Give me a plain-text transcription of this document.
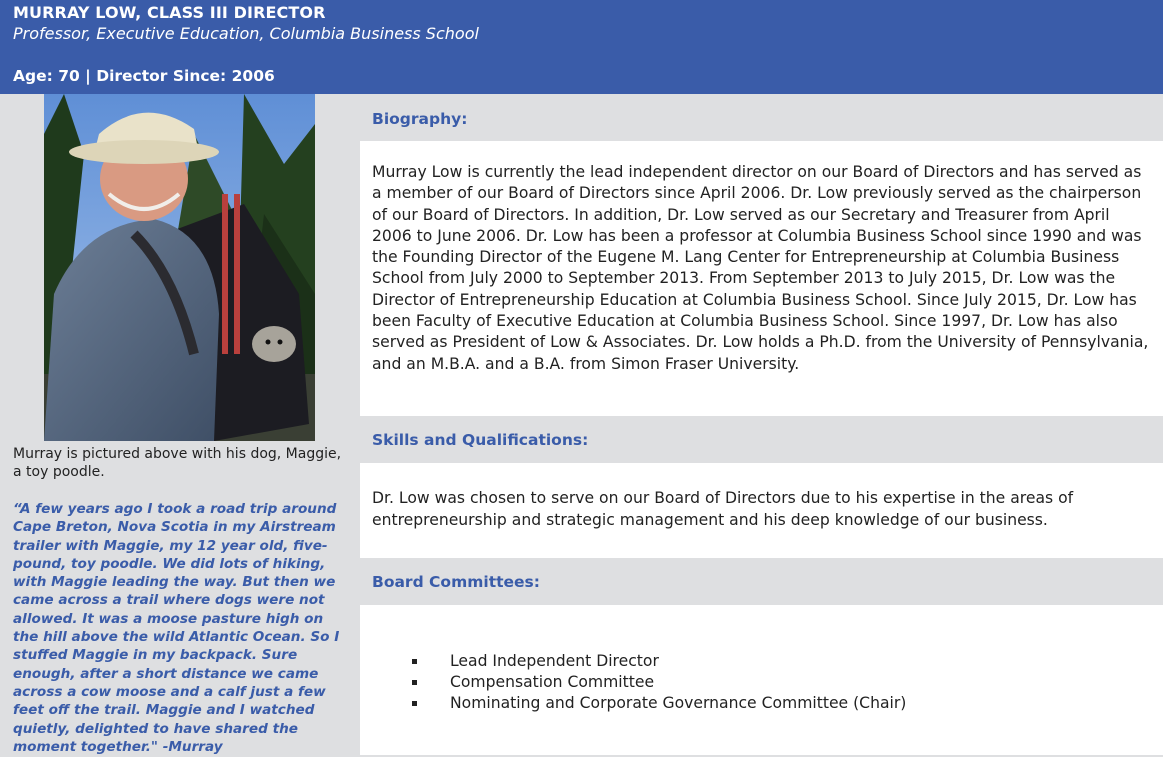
MURRAY LOW, CLASS III DIRECTOR
Professor, Executive Education, Columbia Business School
Age: 70 | Director Since: 2006
Murray is pictured above with his dog, Maggie, a toy poodle.
“A few years ago I took a road trip around Cape Breton, Nova Scotia in my Airstream trailer with Maggie, my 12 year old, five-pound, toy poodle. We did lots of hiking, with Maggie leading the way. But then we came across a trail where dogs were not allowed. It was a moose pasture high on the hill above the wild Atlantic Ocean. So I stuffed Maggie in my backpack. Sure enough, after a short distance we came across a cow moose and a calf just a few feet off the trail. Maggie and I watched quietly, delighted to have shared the moment together." -Murray
Biography:
Murray Low is currently the lead independent director on our Board of Directors and has served as a member of our Board of Directors since April 2006. Dr. Low previously served as the chairperson of our Board of Directors. In addition, Dr. Low served as our Secretary and Treasurer from April 2006 to June 2006. Dr. Low has been a professor at Columbia Business School since 1990 and was the Founding Director of the Eugene M. Lang Center for Entrepreneurship at Columbia Business School from July 2000 to September 2013. From September 2013 to July 2015, Dr. Low was the Director of Entrepreneurship Education at Columbia Business School. Since July 2015, Dr. Low has been Faculty of Executive Education at Columbia Business School. Since 1997, Dr. Low has also served as President of Low & Associates. Dr. Low holds a Ph.D. from the University of Pennsylvania, and an M.B.A. and a B.A. from Simon Fraser University.
Skills and Qualifications:
Dr. Low was chosen to serve on our Board of Directors due to his expertise in the areas of entrepreneurship and strategic management and his deep knowledge of our business.
Board Committees:
Lead Independent Director
Compensation Committee
Nominating and Corporate Governance Committee (Chair)
